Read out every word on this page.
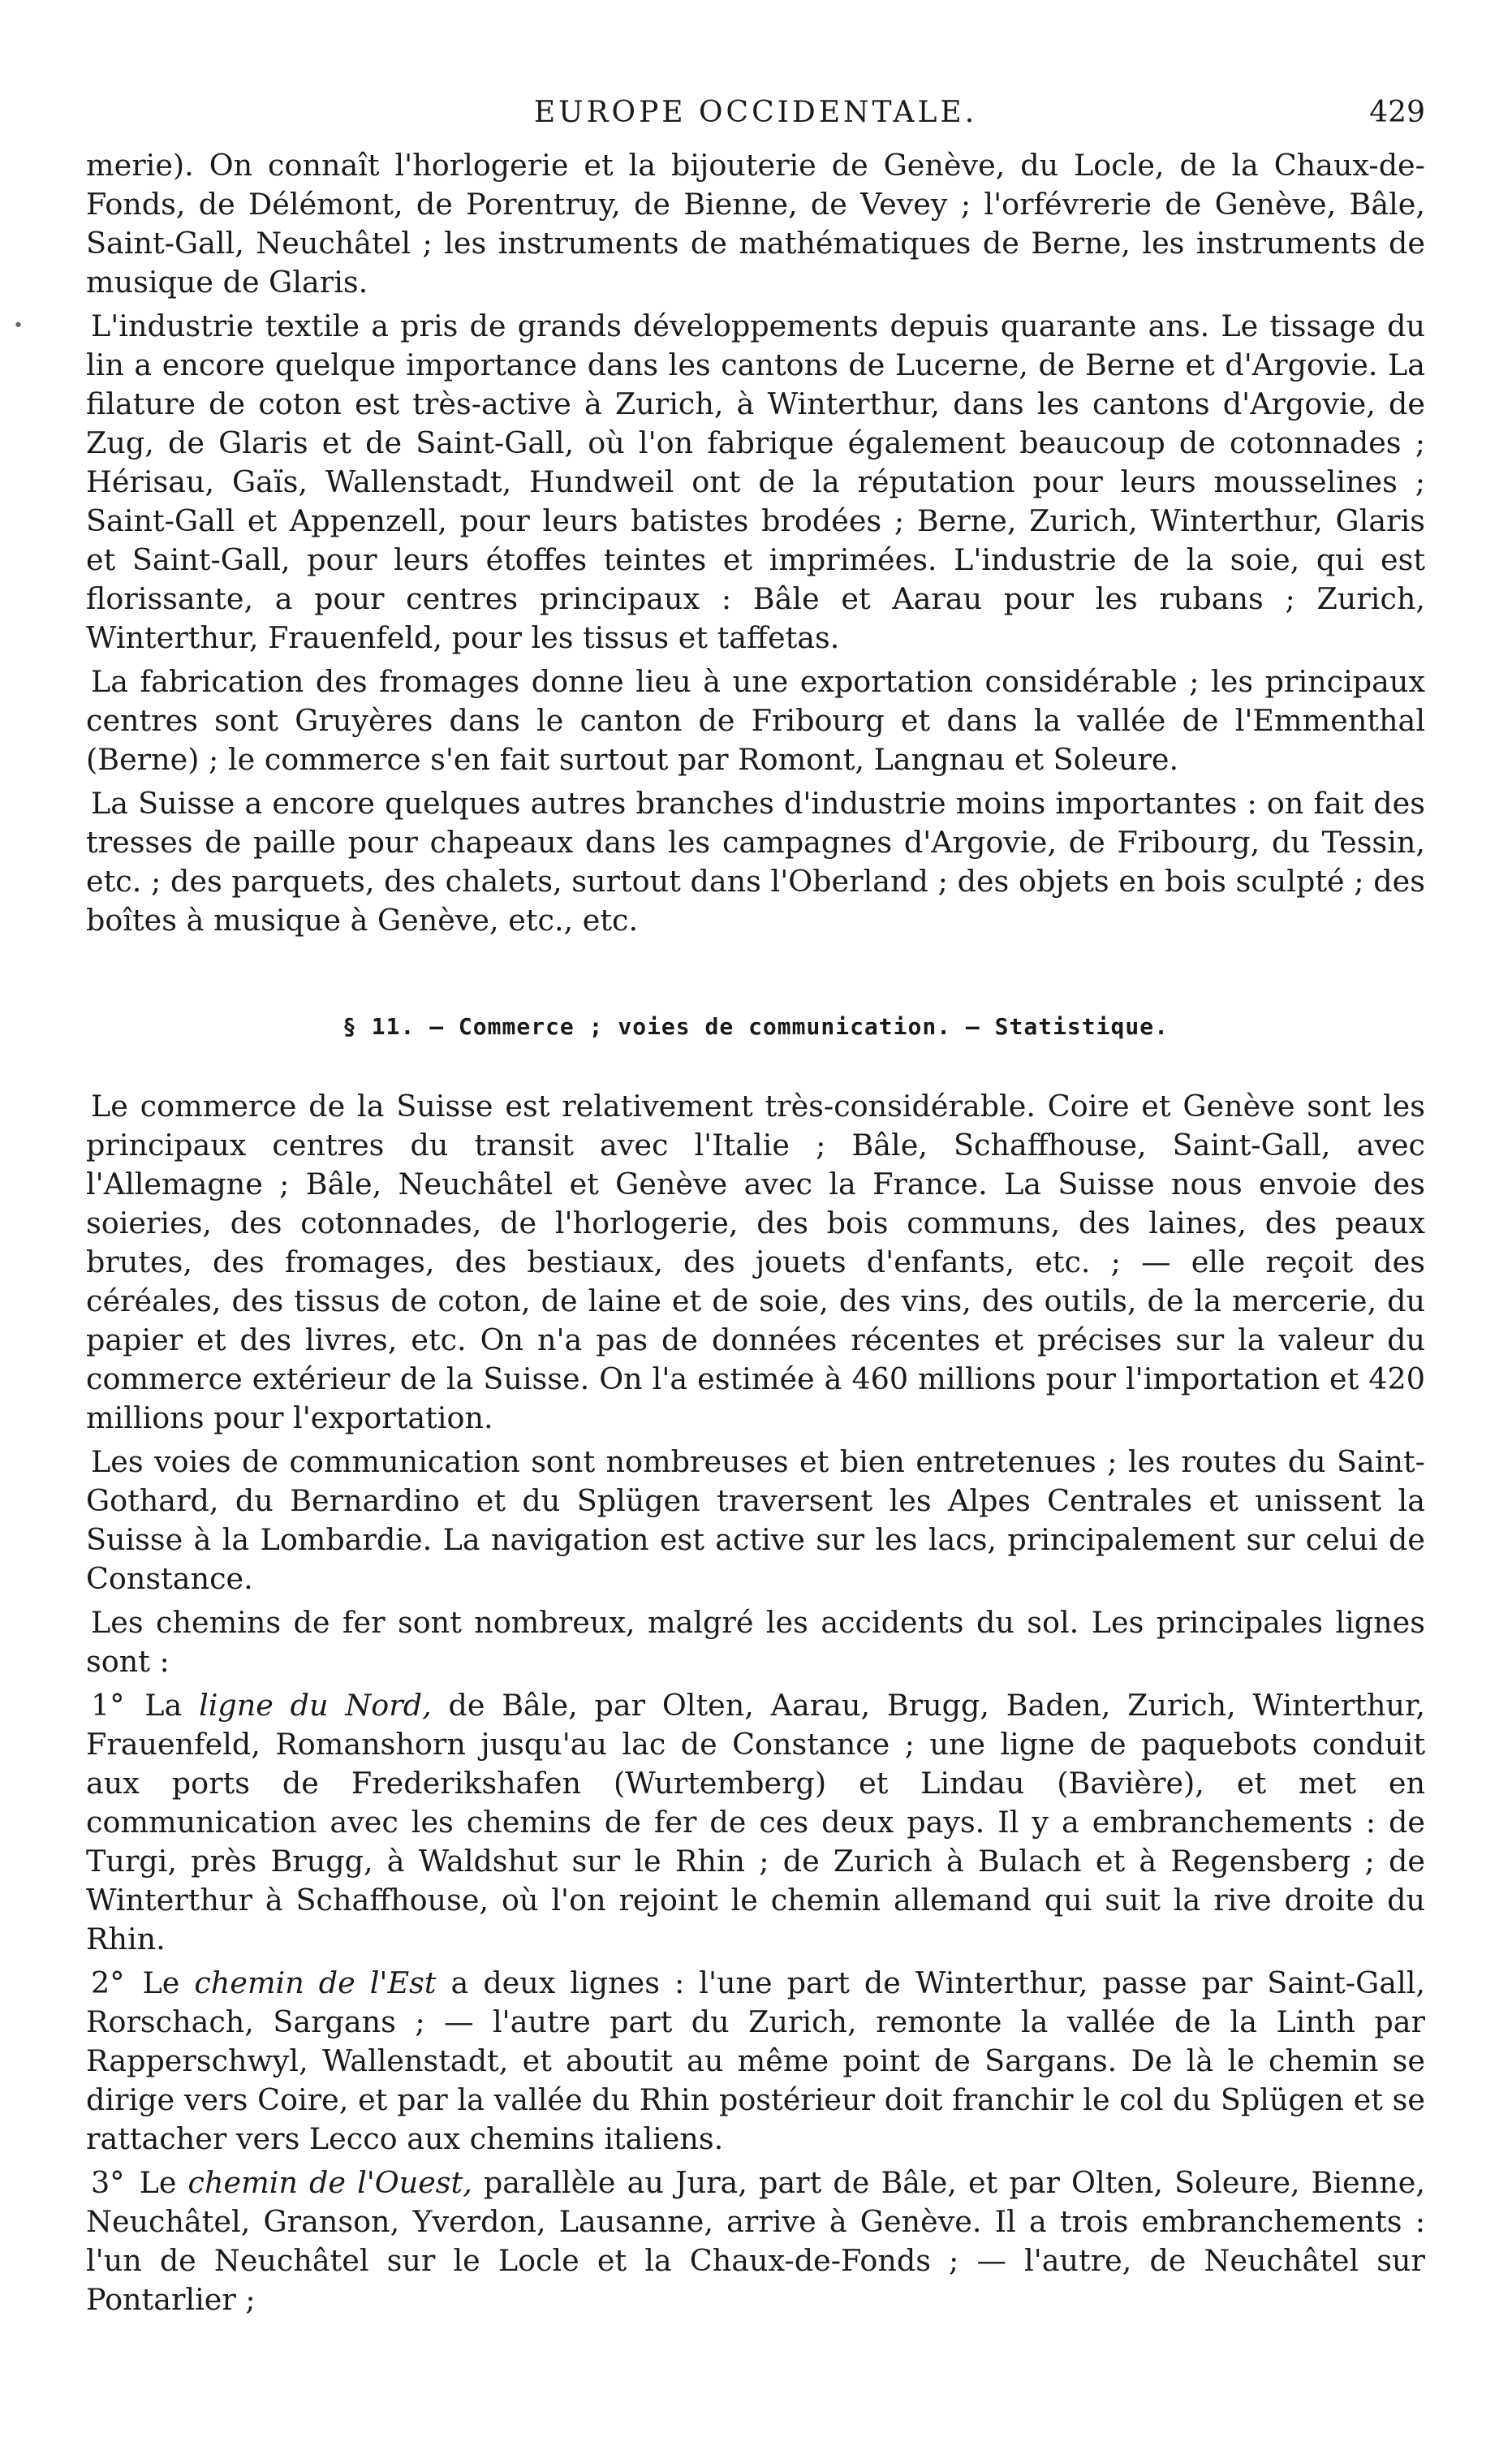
EUROPE OCCIDENTALE.	429

merie). On connaît l'horlogerie et la bijouterie de Genève, du Locle, de la Chaux-de-Fonds, de Délémont, de Porentruy, de Bienne, de Vevey ; l'orfévrerie de Genève, Bâle, Saint-Gall, Neuchâtel ; les instruments de mathématiques de Berne, les instruments de musique de Glaris.

• L'industrie textile a pris de grands développements depuis quarante ans. Le tissage du lin a encore quelque importance dans les cantons de Lucerne, de Berne et d'Argovie. La filature de coton est très-active à Zurich, à Winterthur, dans les cantons d'Argovie, de Zug, de Glaris et de Saint-Gall, où l'on fabrique également beaucoup de cotonnades ; Hérisau, Gaïs, Wallenstadt, Hundweil ont de la réputation pour leurs mousselines ; Saint-Gall et Appenzell, pour leurs batistes brodées ; Berne, Zurich, Winterthur, Glaris et Saint-Gall, pour leurs étoffes teintes et imprimées. L'industrie de la soie, qui est florissante, a pour centres principaux : Bâle et Aarau pour les rubans ; Zurich, Winterthur, Frauenfeld, pour les tissus et taffetas.

La fabrication des fromages donne lieu à une exportation considérable ; les principaux centres sont Gruyères dans le canton de Fribourg et dans la vallée de l'Emmenthal (Berne) ; le commerce s'en fait surtout par Romont, Langnau et Soleure.

La Suisse a encore quelques autres branches d'industrie moins importantes : on fait des tresses de paille pour chapeaux dans les campagnes d'Argovie, de Fribourg, du Tessin, etc. ; des parquets, des chalets, surtout dans l'Oberland ; des objets en bois sculpté ; des boîtes à musique à Genève, etc., etc.

§ 11. — Commerce ; voies de communication. — Statistique.

Le commerce de la Suisse est relativement très-considérable. Coire et Genève sont les principaux centres du transit avec l'Italie ; Bâle, Schaffhouse, Saint-Gall, avec l'Allemagne ; Bâle, Neuchâtel et Genève avec la France. La Suisse nous envoie des soieries, des cotonnades, de l'horlogerie, des bois communs, des laines, des peaux brutes, des fromages, des bestiaux, des jouets d'enfants, etc. ; — elle reçoit des céréales, des tissus de coton, de laine et de soie, des vins, des outils, de la mercerie, du papier et des livres, etc. On n'a pas de données récentes et précises sur la valeur du commerce extérieur de la Suisse. On l'a estimée à 460 millions pour l'importation et 420 millions pour l'exportation.

Les voies de communication sont nombreuses et bien entretenues ; les routes du Saint-Gothard, du Bernardino et du Splügen traversent les Alpes Centrales et unissent la Suisse à la Lombardie. La navigation est active sur les lacs, principalement sur celui de Constance.

Les chemins de fer sont nombreux, malgré les accidents du sol. Les principales lignes sont :

1° La ligne du Nord, de Bâle, par Olten, Aarau, Brugg, Baden, Zurich, Winterthur, Frauenfeld, Romanshorn jusqu'au lac de Constance ; une ligne de paquebots conduit aux ports de Frederikshafen (Wurtemberg) et Lindau (Bavière), et met en communication avec les chemins de fer de ces deux pays. Il y a embranchements : de Turgi, près Brugg, à Waldshut sur le Rhin ; de Zurich à Bulach et à Regensberg ; de Winterthur à Schaffhouse, où l'on rejoint le chemin allemand qui suit la rive droite du Rhin.

2° Le chemin de l'Est a deux lignes : l'une part de Winterthur, passe par Saint-Gall, Rorschach, Sargans ; — l'autre part du Zurich, remonte la vallée de la Linth par Rapperschwyl, Wallenstadt, et aboutit au même point de Sargans. De là le chemin se dirige vers Coire, et par la vallée du Rhin postérieur doit franchir le col du Splügen et se rattacher vers Lecco aux chemins italiens.

3° Le chemin de l'Ouest, parallèle au Jura, part de Bâle, et par Olten, Soleure, Bienne, Neuchâtel, Granson, Yverdon, Lausanne, arrive à Genève. Il a trois embranchements : l'un de Neuchâtel sur le Locle et la Chaux-de-Fonds ; — l'autre, de Neuchâtel sur Pontarlier ;
